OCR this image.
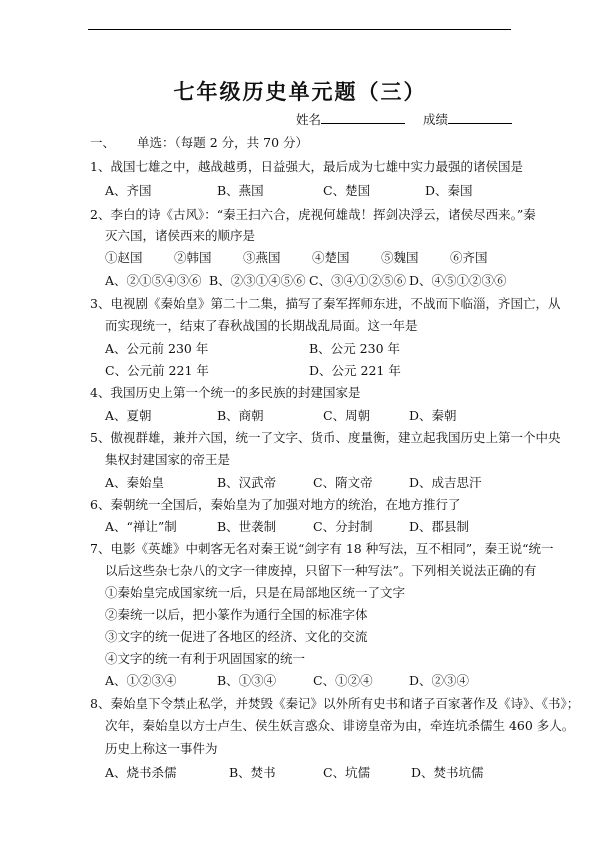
七年级历史单元题（三）
姓名	成绩
一、 单选：（每题 2 分，共 70 分）
1、战国七雄之中，越战越勇，日益强大，最后成为七雄中实力最强的诸侯国是
A、齐国	B、燕国	C、楚国	D、秦国
2、李白的诗《古风》：“秦王扫六合，虎视何雄哉！挥剑决浮云，诸侯尽西来。”秦
灭六国，诸侯西来的顺序是
①赵国	②韩国	③燕国	④楚国	⑤魏国	⑥齐国
A、②①⑤④③⑥ B、②③①④⑤⑥ C、③④①②⑤⑥ D、④⑤①②③⑥
3、电视剧《秦始皇》第二十二集，描写了秦军挥师东进，不战而下临淄，齐国亡，从
而实现统一，结束了春秋战国的长期战乱局面。这一年是
A、公元前 230 年	B、公元 230 年
C、公元前 221 年	D、公元 221 年
4、我国历史上第一个统一的多民族的封建国家是
A、夏朝	B、商朝	C、周朝	D、秦朝
5、傲视群雄，兼并六国，统一了文字、货币、度量衡，建立起我国历史上第一个中央
集权封建国家的帝王是
A、秦始皇	B、汉武帝	C、隋文帝	D、成吉思汗
6、秦朝统一全国后，秦始皇为了加强对地方的统治，在地方推行了
A、“禅让”制	B、世袭制	C、分封制	D、郡县制
7、电影《英雄》中刺客无名对秦王说“剑字有 18 种写法，互不相同”，秦王说“统一
以后这些杂七杂八的文字一律废掉，只留下一种写法”。下列相关说法正确的有
①秦始皇完成国家统一后，只是在局部地区统一了文字
②秦统一以后，把小篆作为通行全国的标准字体
③文字的统一促进了各地区的经济、文化的交流
④文字的统一有利于巩固国家的统一
A、①②③④	B、①③④	C、①②④	D、②③④
8、秦始皇下令禁止私学，并焚毁《秦记》以外所有史书和诸子百家著作及《诗》、《书》；
次年，秦始皇以方士卢生、侯生妖言惑众、诽谤皇帝为由，牵连坑杀儒生 460 多人。
历史上称这一事件为
A、烧书杀儒	B、焚书	C、坑儒	D、焚书坑儒
